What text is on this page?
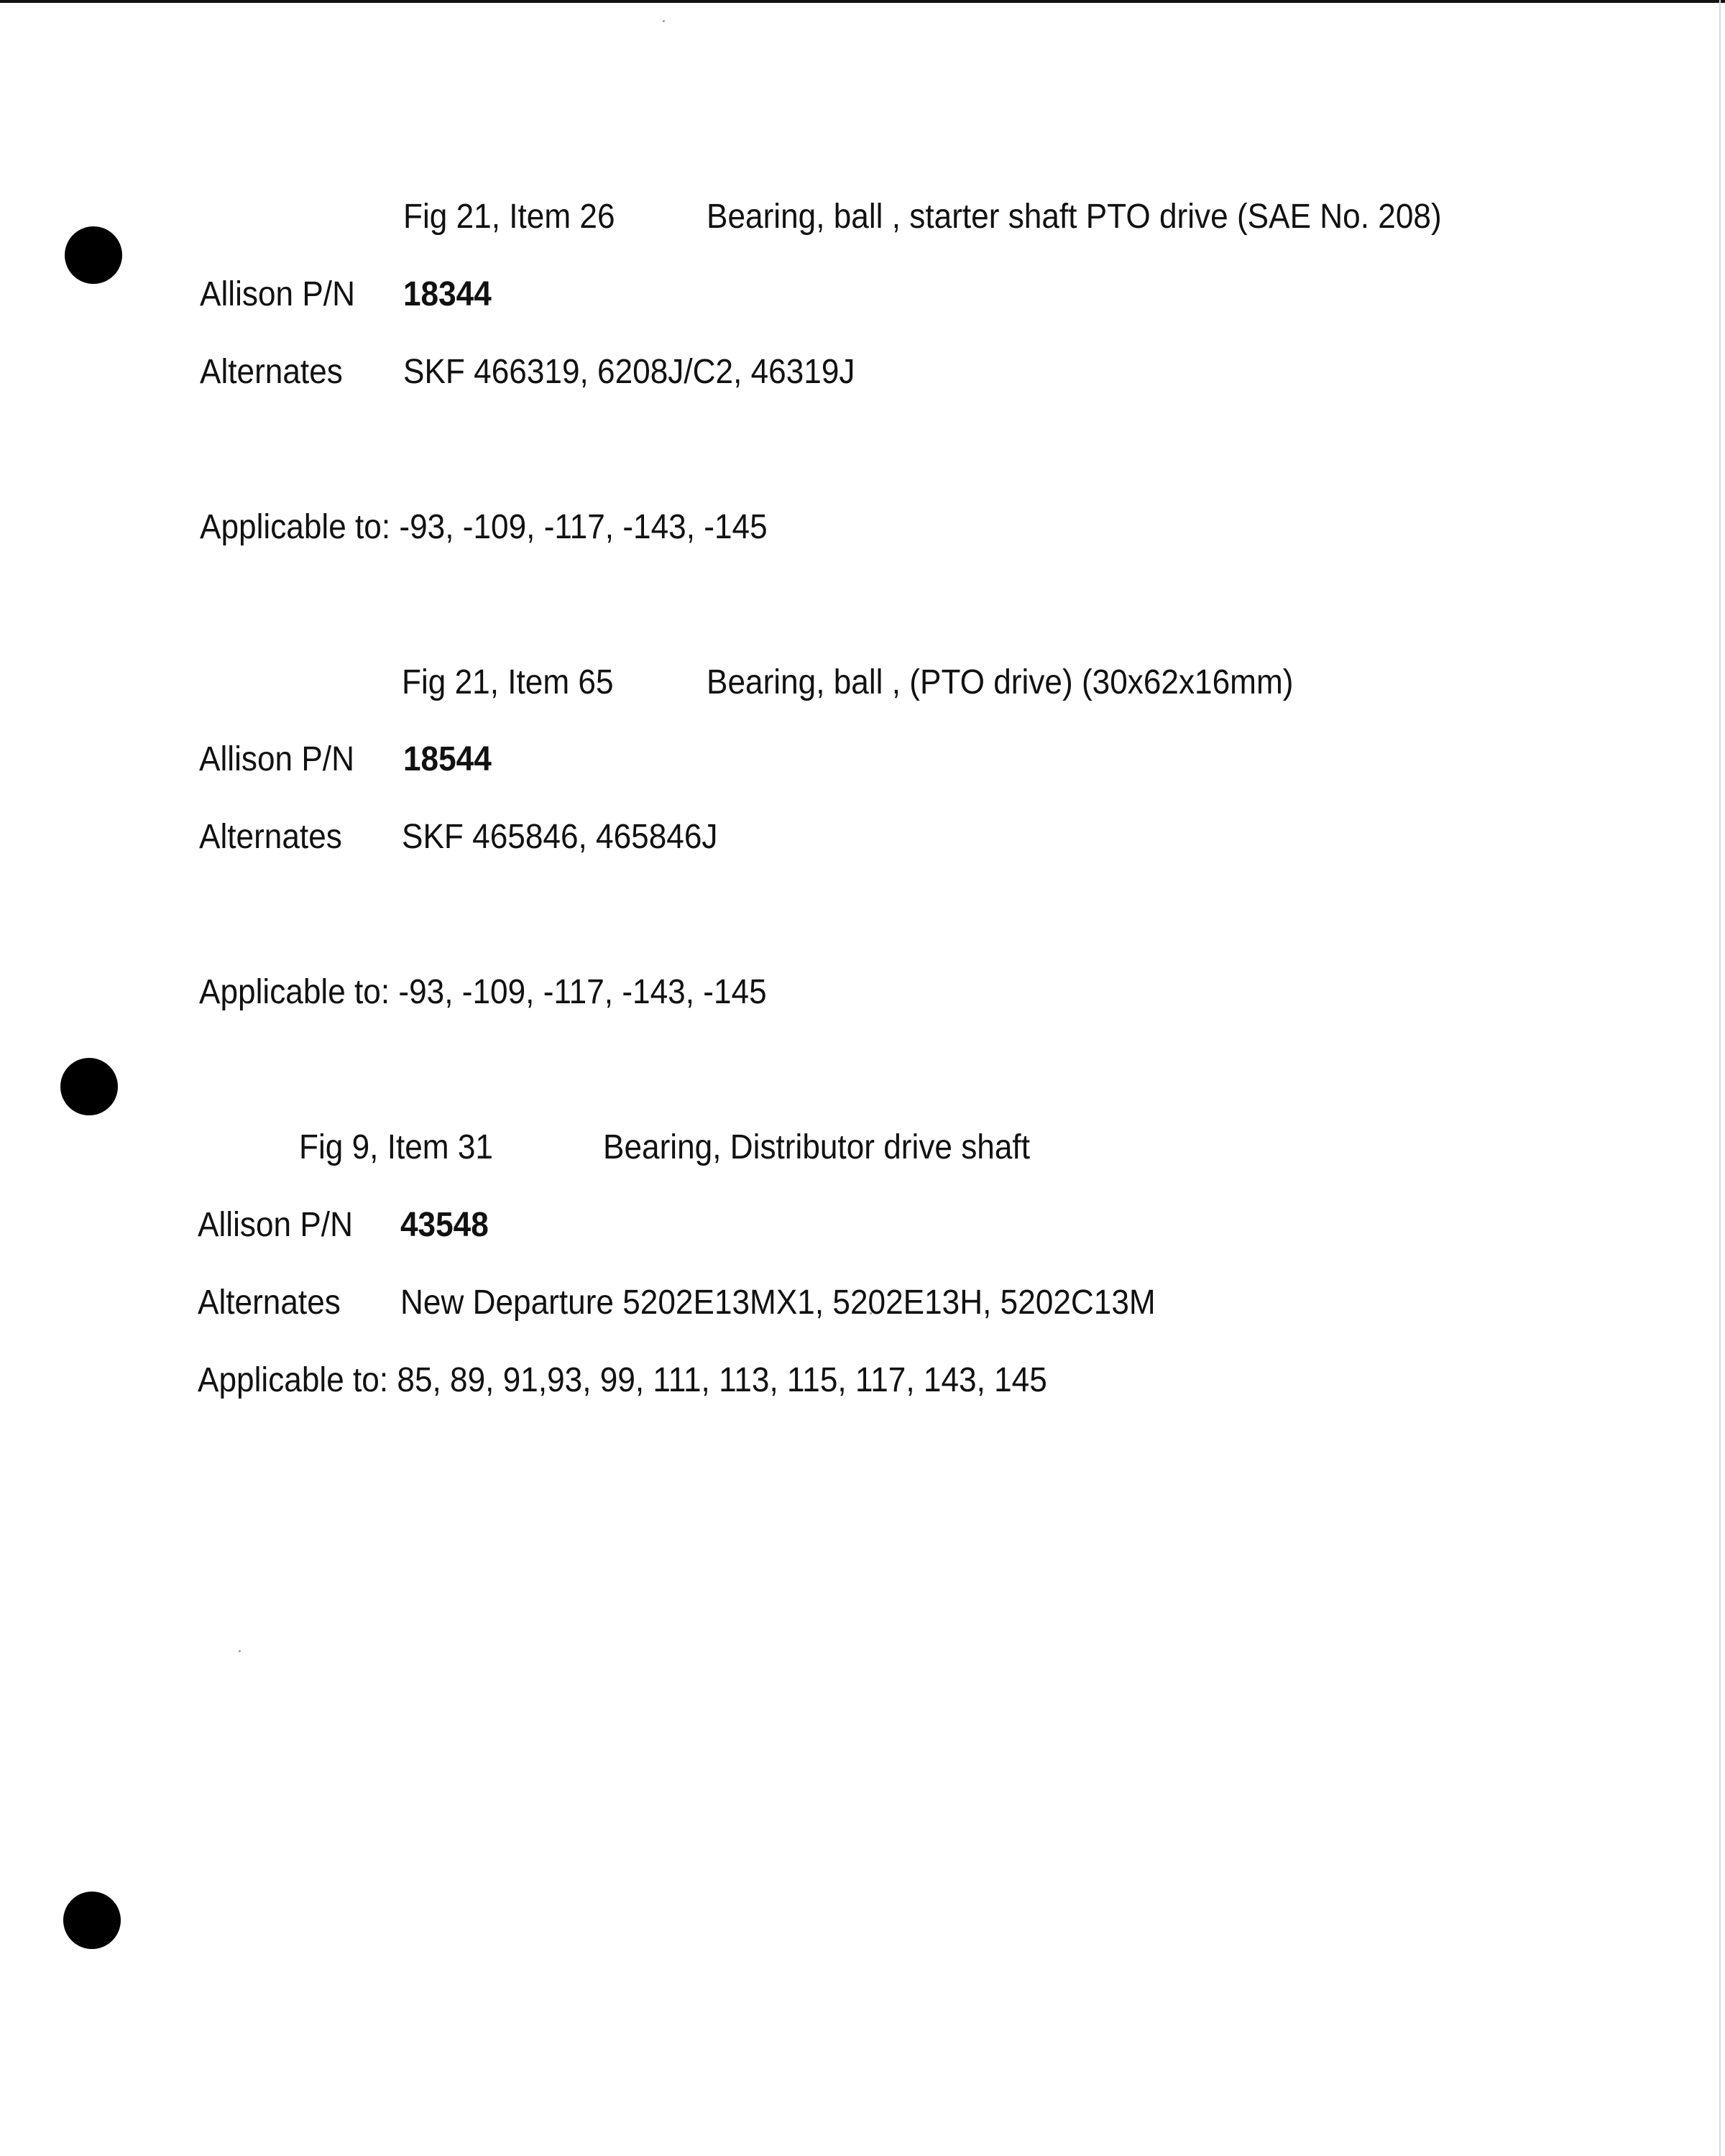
Fig 21, Item 26	Bearing, ball , starter shaft PTO drive (SAE No. 208)
Allison P/N 18344
Alternates SKF 466319, 6208J/C2, 46319J
Applicable to: -93, -109, -117, -143, -145
Fig 21, Item 65	Bearing, ball , (PTO drive) (30x62x16mm)
Allison P/N 18544
Alternates SKF 465846, 465846J
Applicable to: -93, -109, -117, -143, -145
Fig 9, Item 31	Bearing, Distributor drive shaft
Allison P/N 43548
Alternates New Departure 5202E13MX1, 5202E13H, 5202C13M
Applicable to: 85, 89, 91,93, 99, 111, 113, 115, 117, 143, 145
